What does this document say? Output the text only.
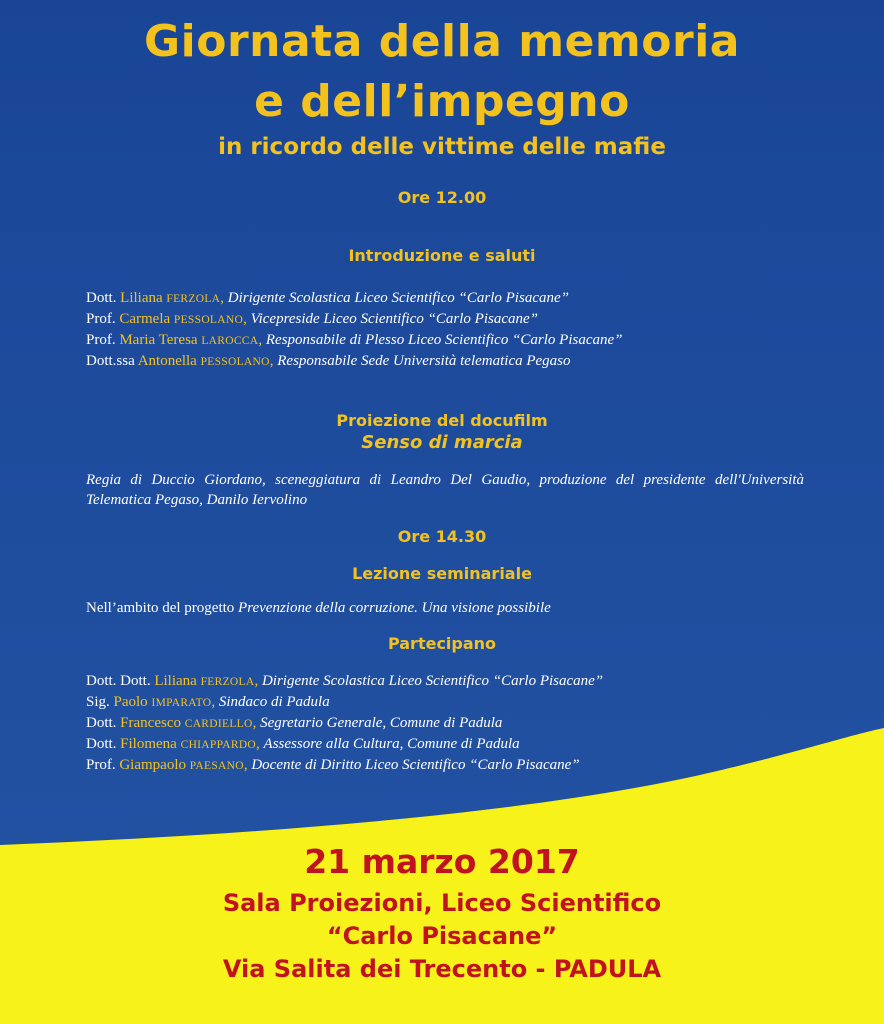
Giornata della memoria
e dell’impegno
in ricordo delle vittime delle mafie
Ore 12.00
Introduzione e saluti
Dott. Liliana FERZOLA, Dirigente Scolastica Liceo Scientifico “Carlo Pisacane”
Prof. Carmela PESSOLANO, Vicepreside Liceo Scientifico “Carlo Pisacane”
Prof. Maria Teresa LAROCCA, Responsabile di Plesso Liceo Scientifico “Carlo Pisacane”
Dott.ssa Antonella PESSOLANO, Responsabile Sede Università telematica Pegaso
Proiezione del docufilm
Senso di marcia
Regia di Duccio Giordano, sceneggiatura di Leandro Del Gaudio, produzione del presidente dell'Università Telematica Pegaso, Danilo Iervolino
Ore 14.30
Lezione seminariale
Nell’ambito del progetto Prevenzione della corruzione. Una visione possibile
Partecipano
Dott. Dott. Liliana FERZOLA, Dirigente Scolastica Liceo Scientifico “Carlo Pisacane”
Sig. Paolo IMPARATO, Sindaco di Padula
Dott. Francesco CARDIELLO, Segretario Generale, Comune di Padula
Dott. Filomena CHIAPPARDO, Assessore alla Cultura, Comune di Padula
Prof. Giampaolo PAESANO, Docente di Diritto Liceo Scientifico “Carlo Pisacane”
21 marzo 2017
Sala Proiezioni, Liceo Scientifico
“Carlo Pisacane”
Via Salita dei Trecento - PADULA
